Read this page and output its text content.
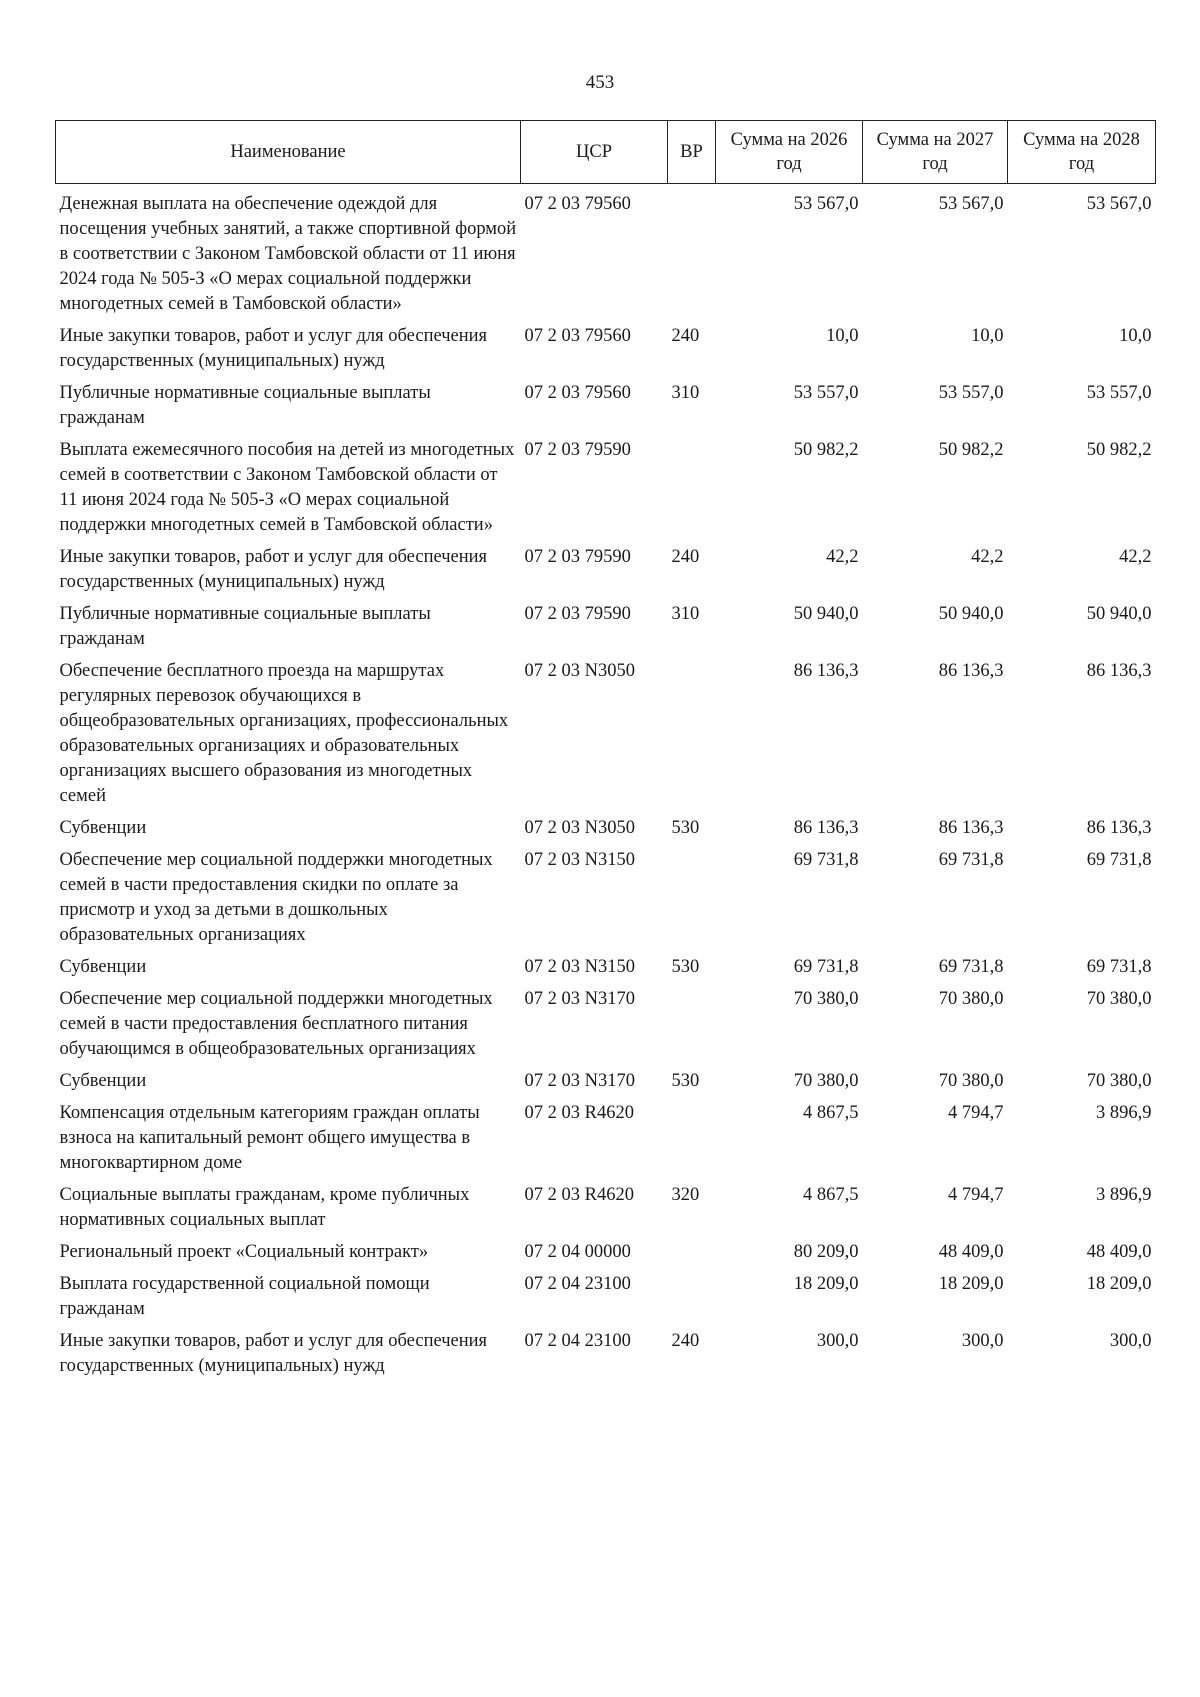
453
Наименование	ЦСР	ВР	Сумма на 2026 год	Сумма на 2027 год	Сумма на 2028 год
Денежная выплата на обеспечение одеждой для посещения учебных занятий, а также спортивной формой в соответствии с Законом Тамбовской области от 11 июня 2024 года № 505-З «О мерах социальной поддержки многодетных семей в Тамбовской области»	07 2 03 79560		53 567,0	53 567,0	53 567,0
Иные закупки товаров, работ и услуг для обеспечения государственных (муниципальных) нужд	07 2 03 79560	240	10,0	10,0	10,0
Публичные нормативные социальные выплаты гражданам	07 2 03 79560	310	53 557,0	53 557,0	53 557,0
Выплата ежемесячного пособия на детей из многодетных семей в соответствии с Законом Тамбовской области от 11 июня 2024 года № 505-З «О мерах социальной поддержки многодетных семей в Тамбовской области»	07 2 03 79590		50 982,2	50 982,2	50 982,2
Иные закупки товаров, работ и услуг для обеспечения государственных (муниципальных) нужд	07 2 03 79590	240	42,2	42,2	42,2
Публичные нормативные социальные выплаты гражданам	07 2 03 79590	310	50 940,0	50 940,0	50 940,0
Обеспечение бесплатного проезда на маршрутах регулярных перевозок обучающихся в общеобразовательных организациях, профессиональных образовательных организациях и образовательных организациях высшего образования из многодетных семей	07 2 03 N3050		86 136,3	86 136,3	86 136,3
Субвенции	07 2 03 N3050	530	86 136,3	86 136,3	86 136,3
Обеспечение мер социальной поддержки многодетных семей в части предоставления скидки по оплате за присмотр и уход за детьми в дошкольных образовательных организациях	07 2 03 N3150		69 731,8	69 731,8	69 731,8
Субвенции	07 2 03 N3150	530	69 731,8	69 731,8	69 731,8
Обеспечение мер социальной поддержки многодетных семей в части предоставления бесплатного питания обучающимся в общеобразовательных организациях	07 2 03 N3170		70 380,0	70 380,0	70 380,0
Субвенции	07 2 03 N3170	530	70 380,0	70 380,0	70 380,0
Компенсация отдельным категориям граждан оплаты взноса на капитальный ремонт общего имущества в многоквартирном доме	07 2 03 R4620		4 867,5	4 794,7	3 896,9
Социальные выплаты гражданам, кроме публичных нормативных социальных выплат	07 2 03 R4620	320	4 867,5	4 794,7	3 896,9
Региональный проект «Социальный контракт»	07 2 04 00000		80 209,0	48 409,0	48 409,0
Выплата государственной социальной помощи гражданам	07 2 04 23100		18 209,0	18 209,0	18 209,0
Иные закупки товаров, работ и услуг для обеспечения государственных (муниципальных) нужд	07 2 04 23100	240	300,0	300,0	300,0
